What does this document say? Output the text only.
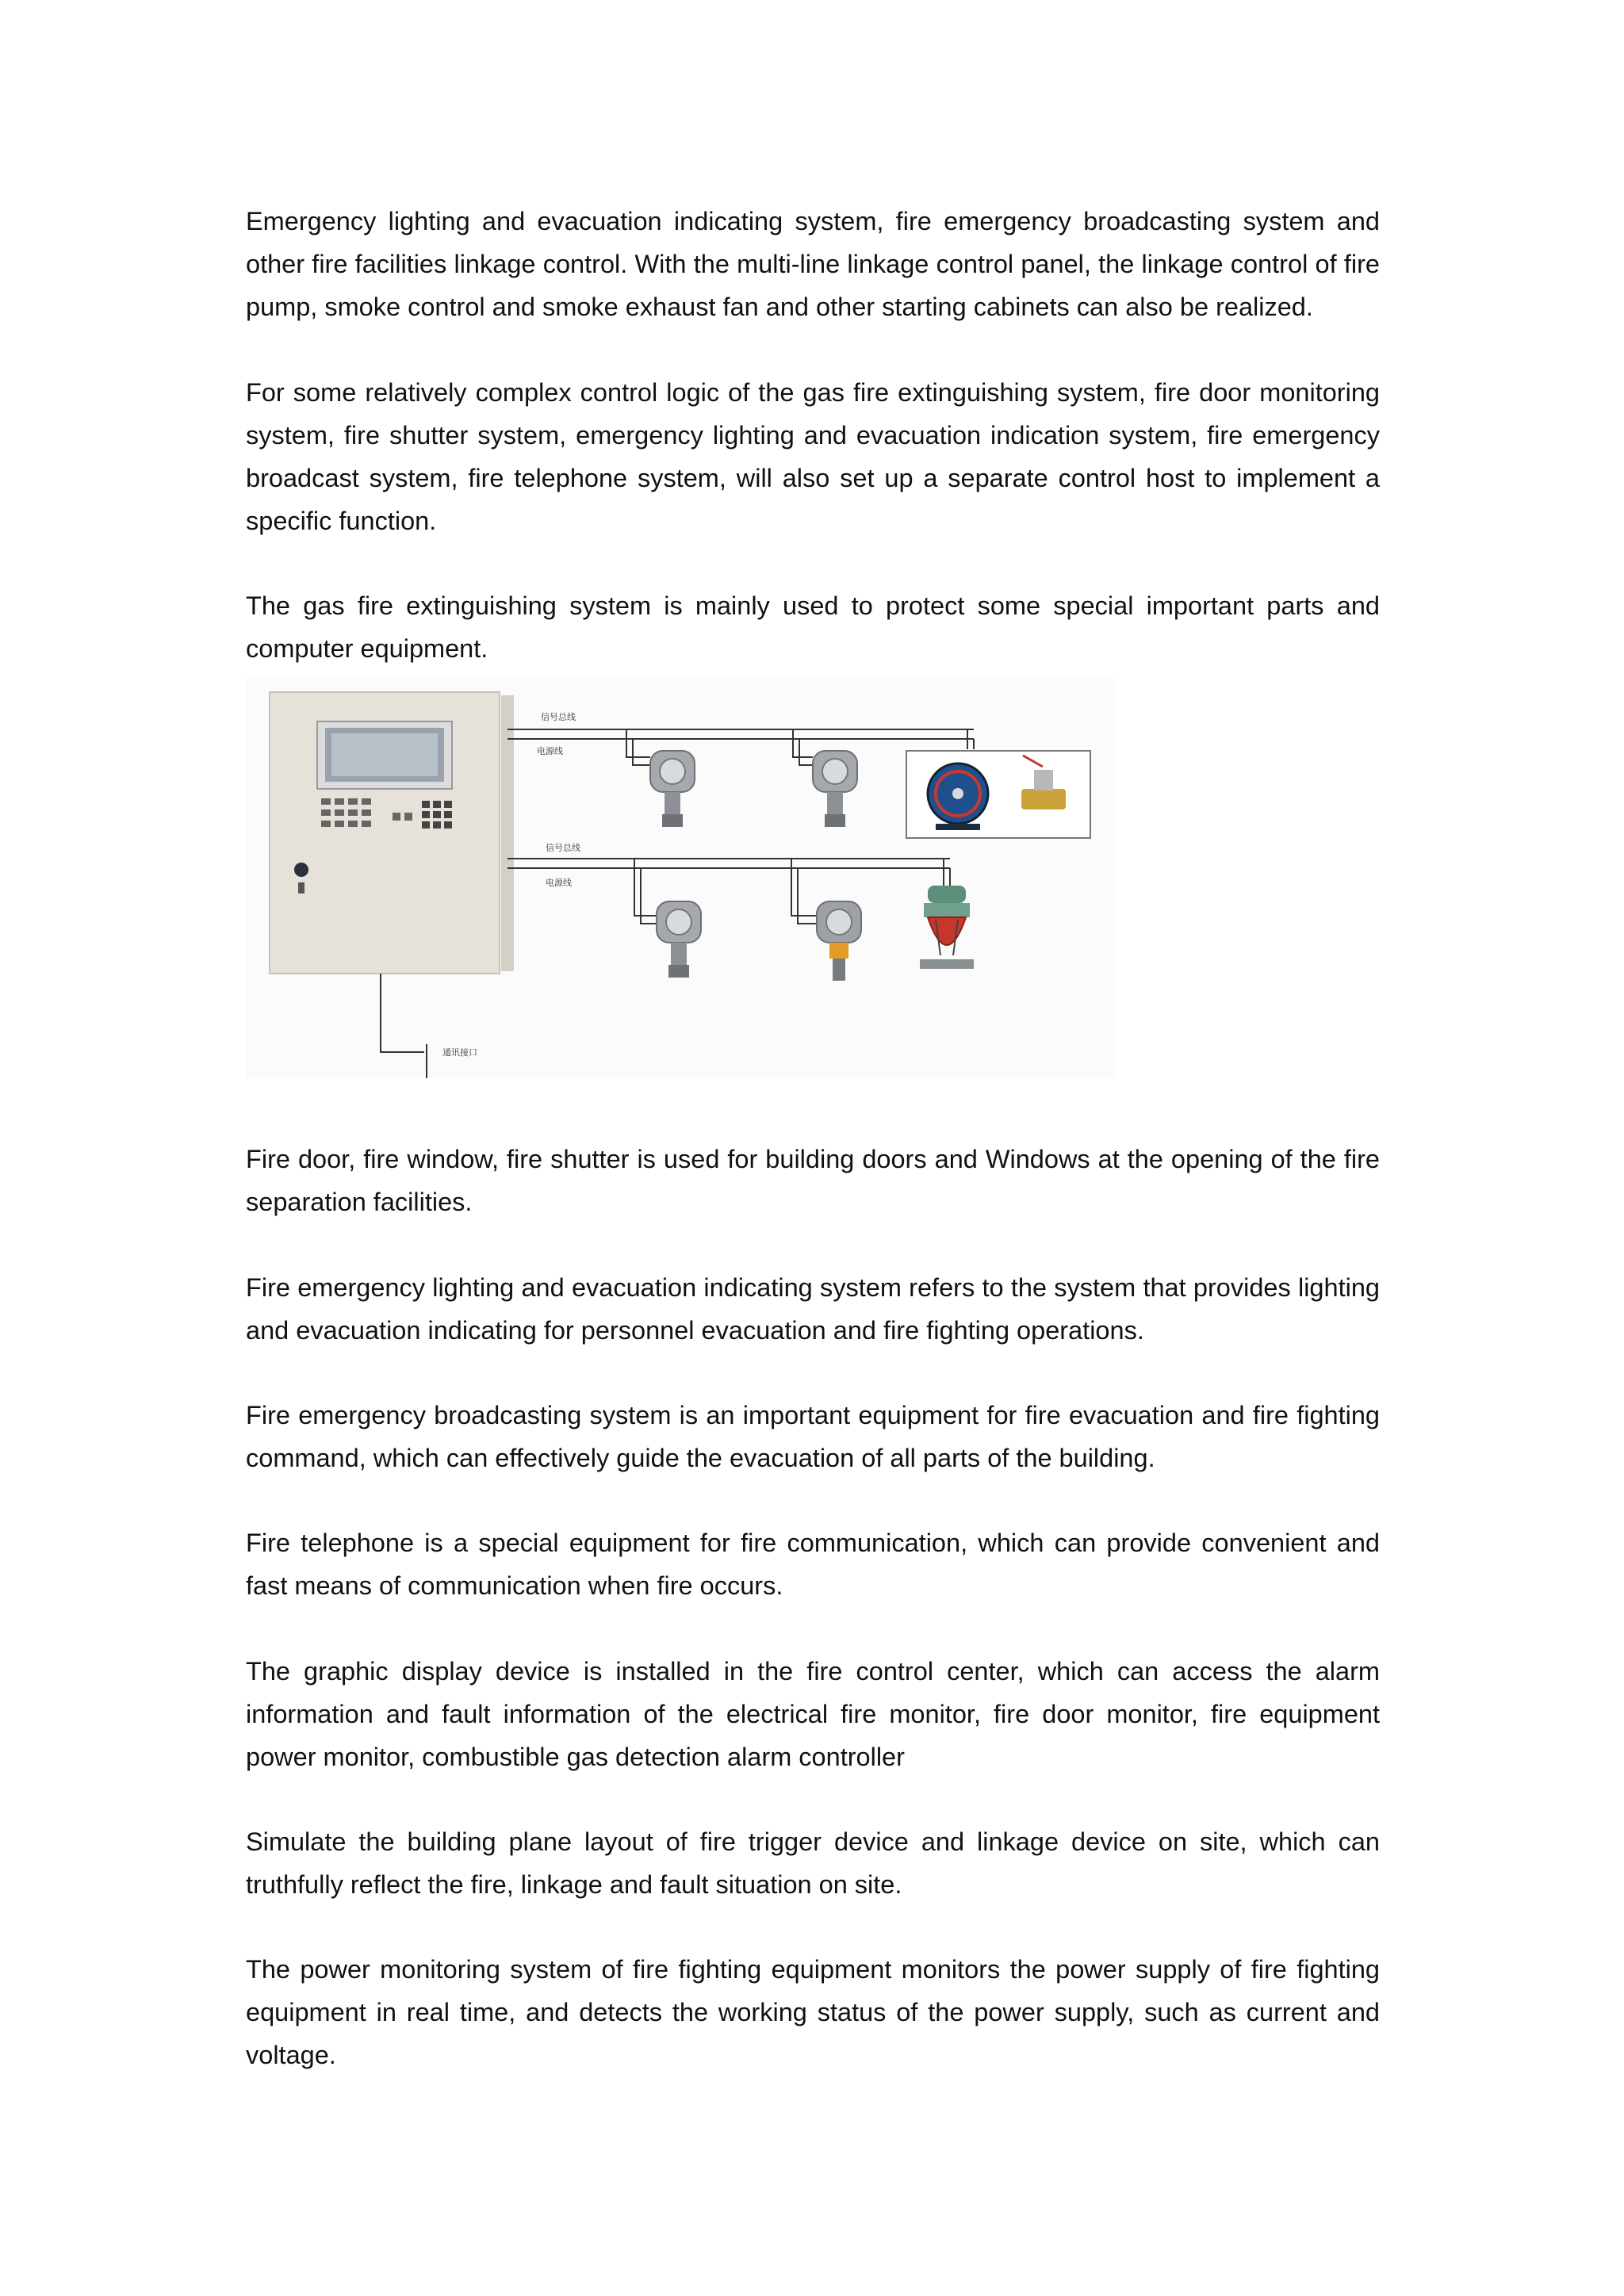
Emergency lighting and evacuation indicating system, fire emergency broadcasting system and other fire facilities linkage control. With the multi-line linkage control panel, the linkage control of fire pump, smoke control and smoke exhaust fan and other starting cabinets can also be realized.

For some relatively complex control logic of the gas fire extinguishing system, fire door monitoring system, fire shutter system, emergency lighting and evacuation indication system, fire emergency broadcast system, fire telephone system, will also set up a separate control host to implement a specific function.

The gas fire extinguishing system is mainly used to protect some special important parts and computer equipment.

信号总线
电源线
信号总线
电源线
通讯接口

Fire door, fire window, fire shutter is used for building doors and Windows at the opening of the fire separation facilities.

Fire emergency lighting and evacuation indicating system refers to the system that provides lighting and evacuation indicating for personnel evacuation and fire fighting operations.

Fire emergency broadcasting system is an important equipment for fire evacuation and fire fighting command, which can effectively guide the evacuation of all parts of the building.

Fire telephone is a special equipment for fire communication, which can provide convenient and fast means of communication when fire occurs.

The graphic display device is installed in the fire control center, which can access the alarm information and fault information of the electrical fire monitor, fire door monitor, fire equipment power monitor, combustible gas detection alarm controller

Simulate the building plane layout of fire trigger device and linkage device on site, which can truthfully reflect the fire, linkage and fault situation on site.

The power monitoring system of fire fighting equipment monitors the power supply of fire fighting equipment in real time, and detects the working status of the power supply, such as current and voltage.
